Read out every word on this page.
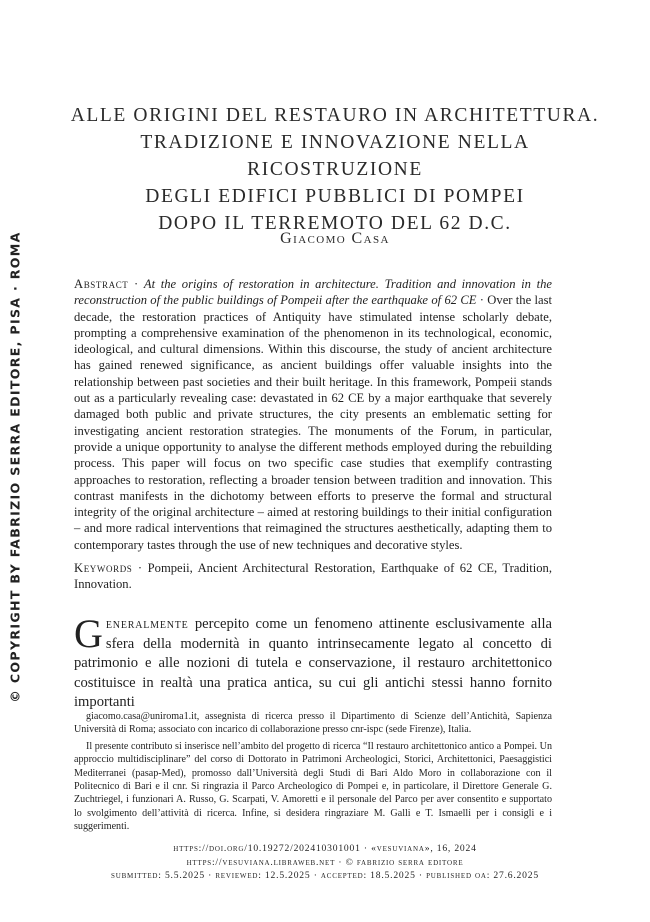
© COPYRIGHT BY FABRIZIO SERRA EDITORE, PISA · ROMA
ALLE ORIGINI DEL RESTAURO IN ARCHITETTURA.
TRADIZIONE E INNOVAZIONE NELLA
RICOSTRUZIONE
DEGLI EDIFICI PUBBLICI DI POMPEI
DOPO IL TERREMOTO DEL 62 D.C.
Giacomo Casa
Abstract · At the origins of restoration in architecture. Tradition and innovation in the reconstruction of the public buildings of Pompeii after the earthquake of 62 CE · Over the last decade, the restoration practices of Antiquity have stimulated intense scholarly debate, prompting a comprehensive examination of the phenomenon in its technological, economic, ideological, and cultural dimensions. Within this discourse, the study of ancient architecture has gained renewed significance, as ancient buildings offer valuable insights into the relationship between past societies and their built heritage. In this framework, Pompeii stands out as a particularly revealing case: devastated in 62 CE by a major earthquake that severely damaged both public and private structures, the city presents an emblematic setting for investigating ancient restoration strategies. The monuments of the Forum, in particular, provide a unique opportunity to analyse the different methods employed during the rebuilding process. This paper will focus on two specific case studies that exemplify contrasting approaches to restoration, reflecting a broader tension between tradition and innovation. This contrast manifests in the dichotomy between efforts to preserve the formal and structural integrity of the original architecture – aimed at restoring buildings to their initial configuration – and more radical interventions that reimagined the structures aesthetically, adapting them to contemporary tastes through the use of new techniques and decorative styles.
Keywords · Pompeii, Ancient Architectural Restoration, Earthquake of 62 CE, Tradition, Innovation.
Generalmente percepito come un fenomeno attinente esclusivamente alla sfera della modernità in quanto intrinsecamente legato al concetto di patrimonio e alle nozioni di tutela e conservazione, il restauro architettonico costituisce in realtà una pratica antica, su cui gli antichi stessi hanno fornito importanti

giacomo.casa@uniroma1.it, assegnista di ricerca presso il Dipartimento di Scienze dell’Antichità, Sapienza Università di Roma; associato con incarico di collaborazione presso cnr-ispc (sede Firenze), Italia.

Il presente contributo si inserisce nell’ambito del progetto di ricerca “Il restauro architettonico antico a Pompei. Un approccio multidisciplinare” del corso di Dottorato in Patrimoni Archeologici, Storici, Architettonici, Paesaggistici Mediterranei (pasap-Med), promosso dall’Università degli Studi di Bari Aldo Moro in collaborazione con il Politecnico di Bari e il cnr. Si ringrazia il Parco Archeologico di Pompei e, in particolare, il Direttore Generale G. Zuchtriegel, i funzionari A. Russo, G. Scarpati, V. Amoretti e il personale del Parco per aver consentito e supportato lo svolgimento dell’attività di ricerca. Infine, si desidera ringraziare M. Galli e T. Ismaelli per i consigli e i suggerimenti.

https://doi.org/10.19272/202410301001 · «vesuviana», 16, 2024
https://vesuviana.libraweb.net · © fabrizio serra editore
submitted: 5.5.2025 · reviewed: 12.5.2025 · accepted: 18.5.2025 · published oa: 27.6.2025
